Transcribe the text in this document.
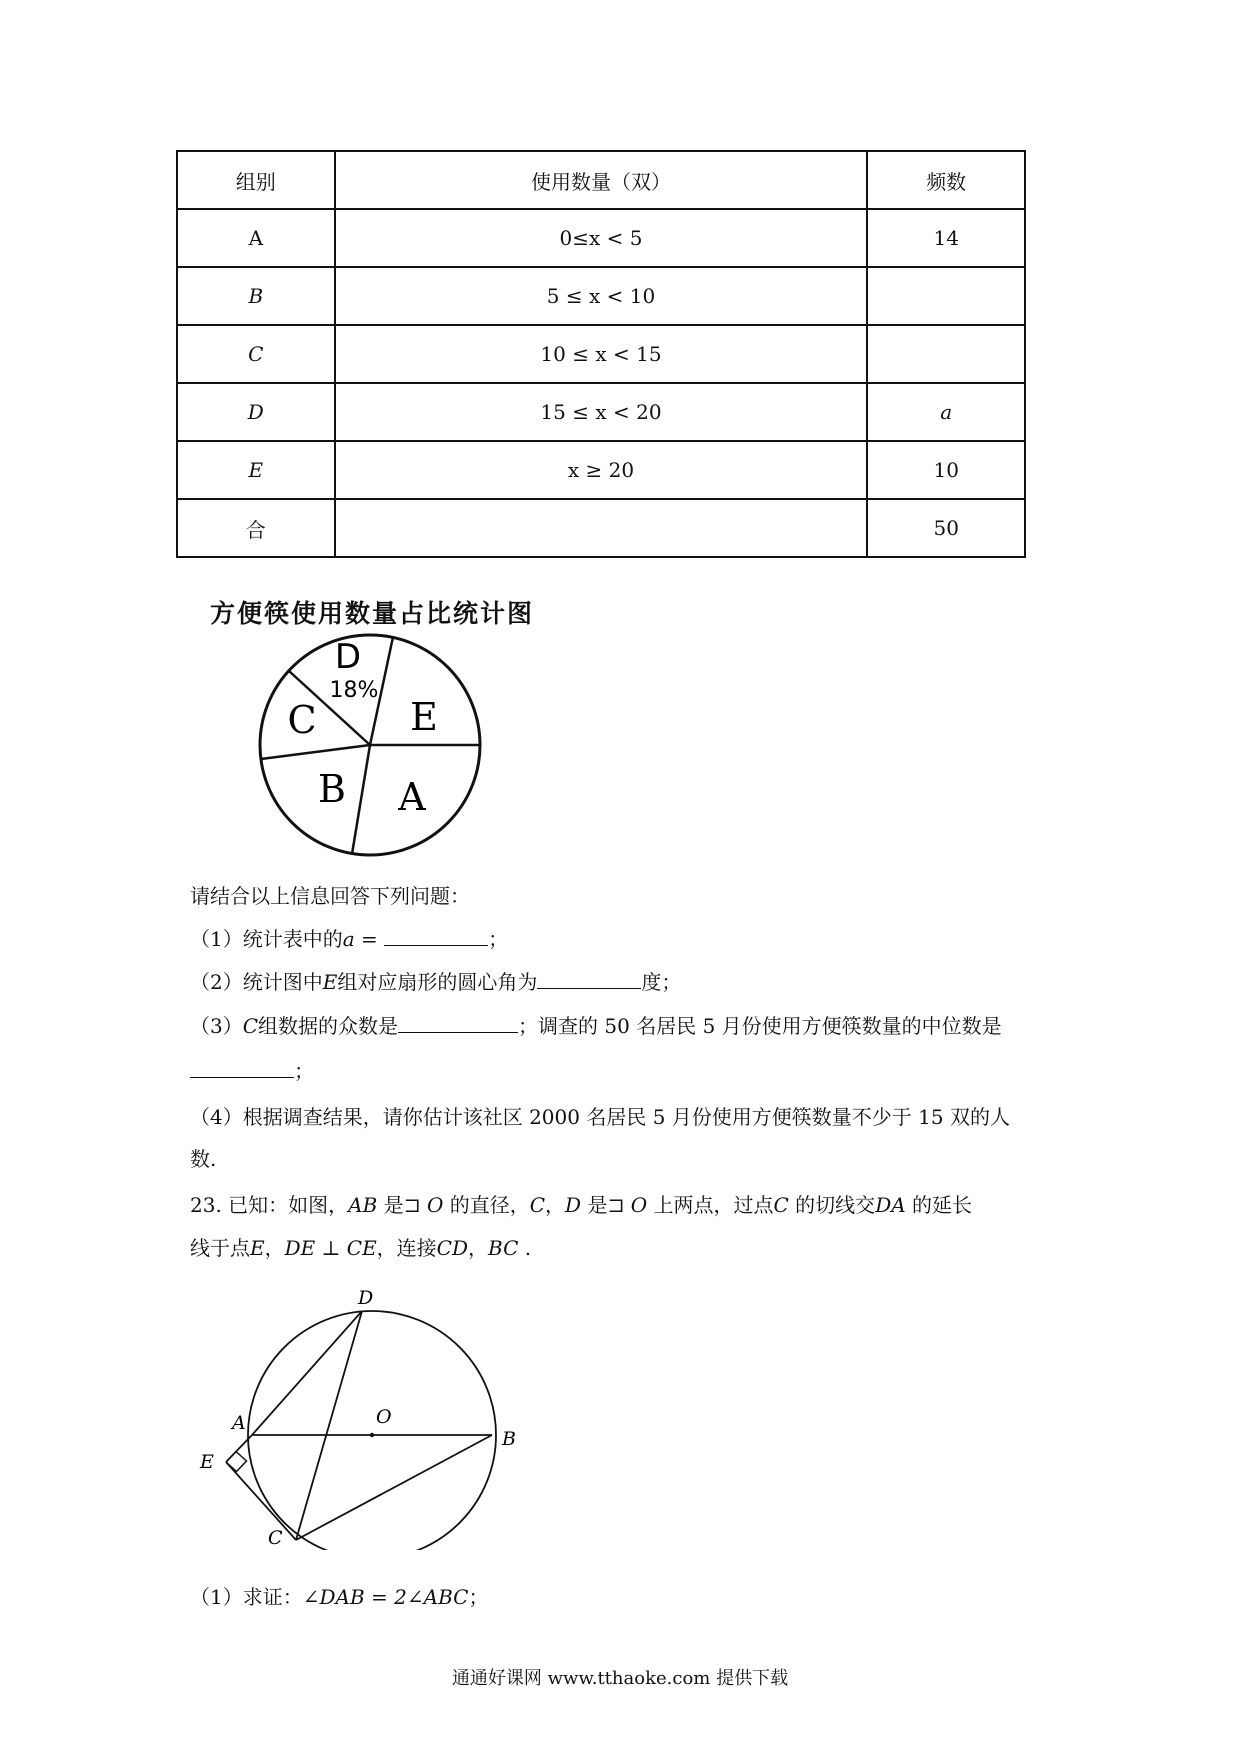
组别	使用数量（双）	频数
A	0≤x < 5	14
B	5 ≤ x < 10	
C	10 ≤ x < 15	
D	15 ≤ x < 20	a
E	x ≥ 20	10
合		50
方便筷使用数量占比统计图
D
18%
E
C
B A
请结合以上信息回答下列问题：
（1）统计表中的a =	；
（2）统计图中E组对应扇形的圆心角为	度；
（3）C组数据的众数是	；调查的 50 名居民 5 月份使用方便筷数量的中位数是
；
（4）根据调查结果，请你估计该社区 2000 名居民 5 月份使用方便筷数量不少于 15 双的人
数.
23. 已知：如图，AB 是⊐ O 的直径，C，D 是⊐ O 上两点，过点C 的切线交DA 的延长
线于点E，DE ⊥ CE，连接CD，BC .
D
O
A
B
E
C
（1）求证：∠DAB = 2∠ABC；
通通好课网 www.tthaoke.com 提供下载
